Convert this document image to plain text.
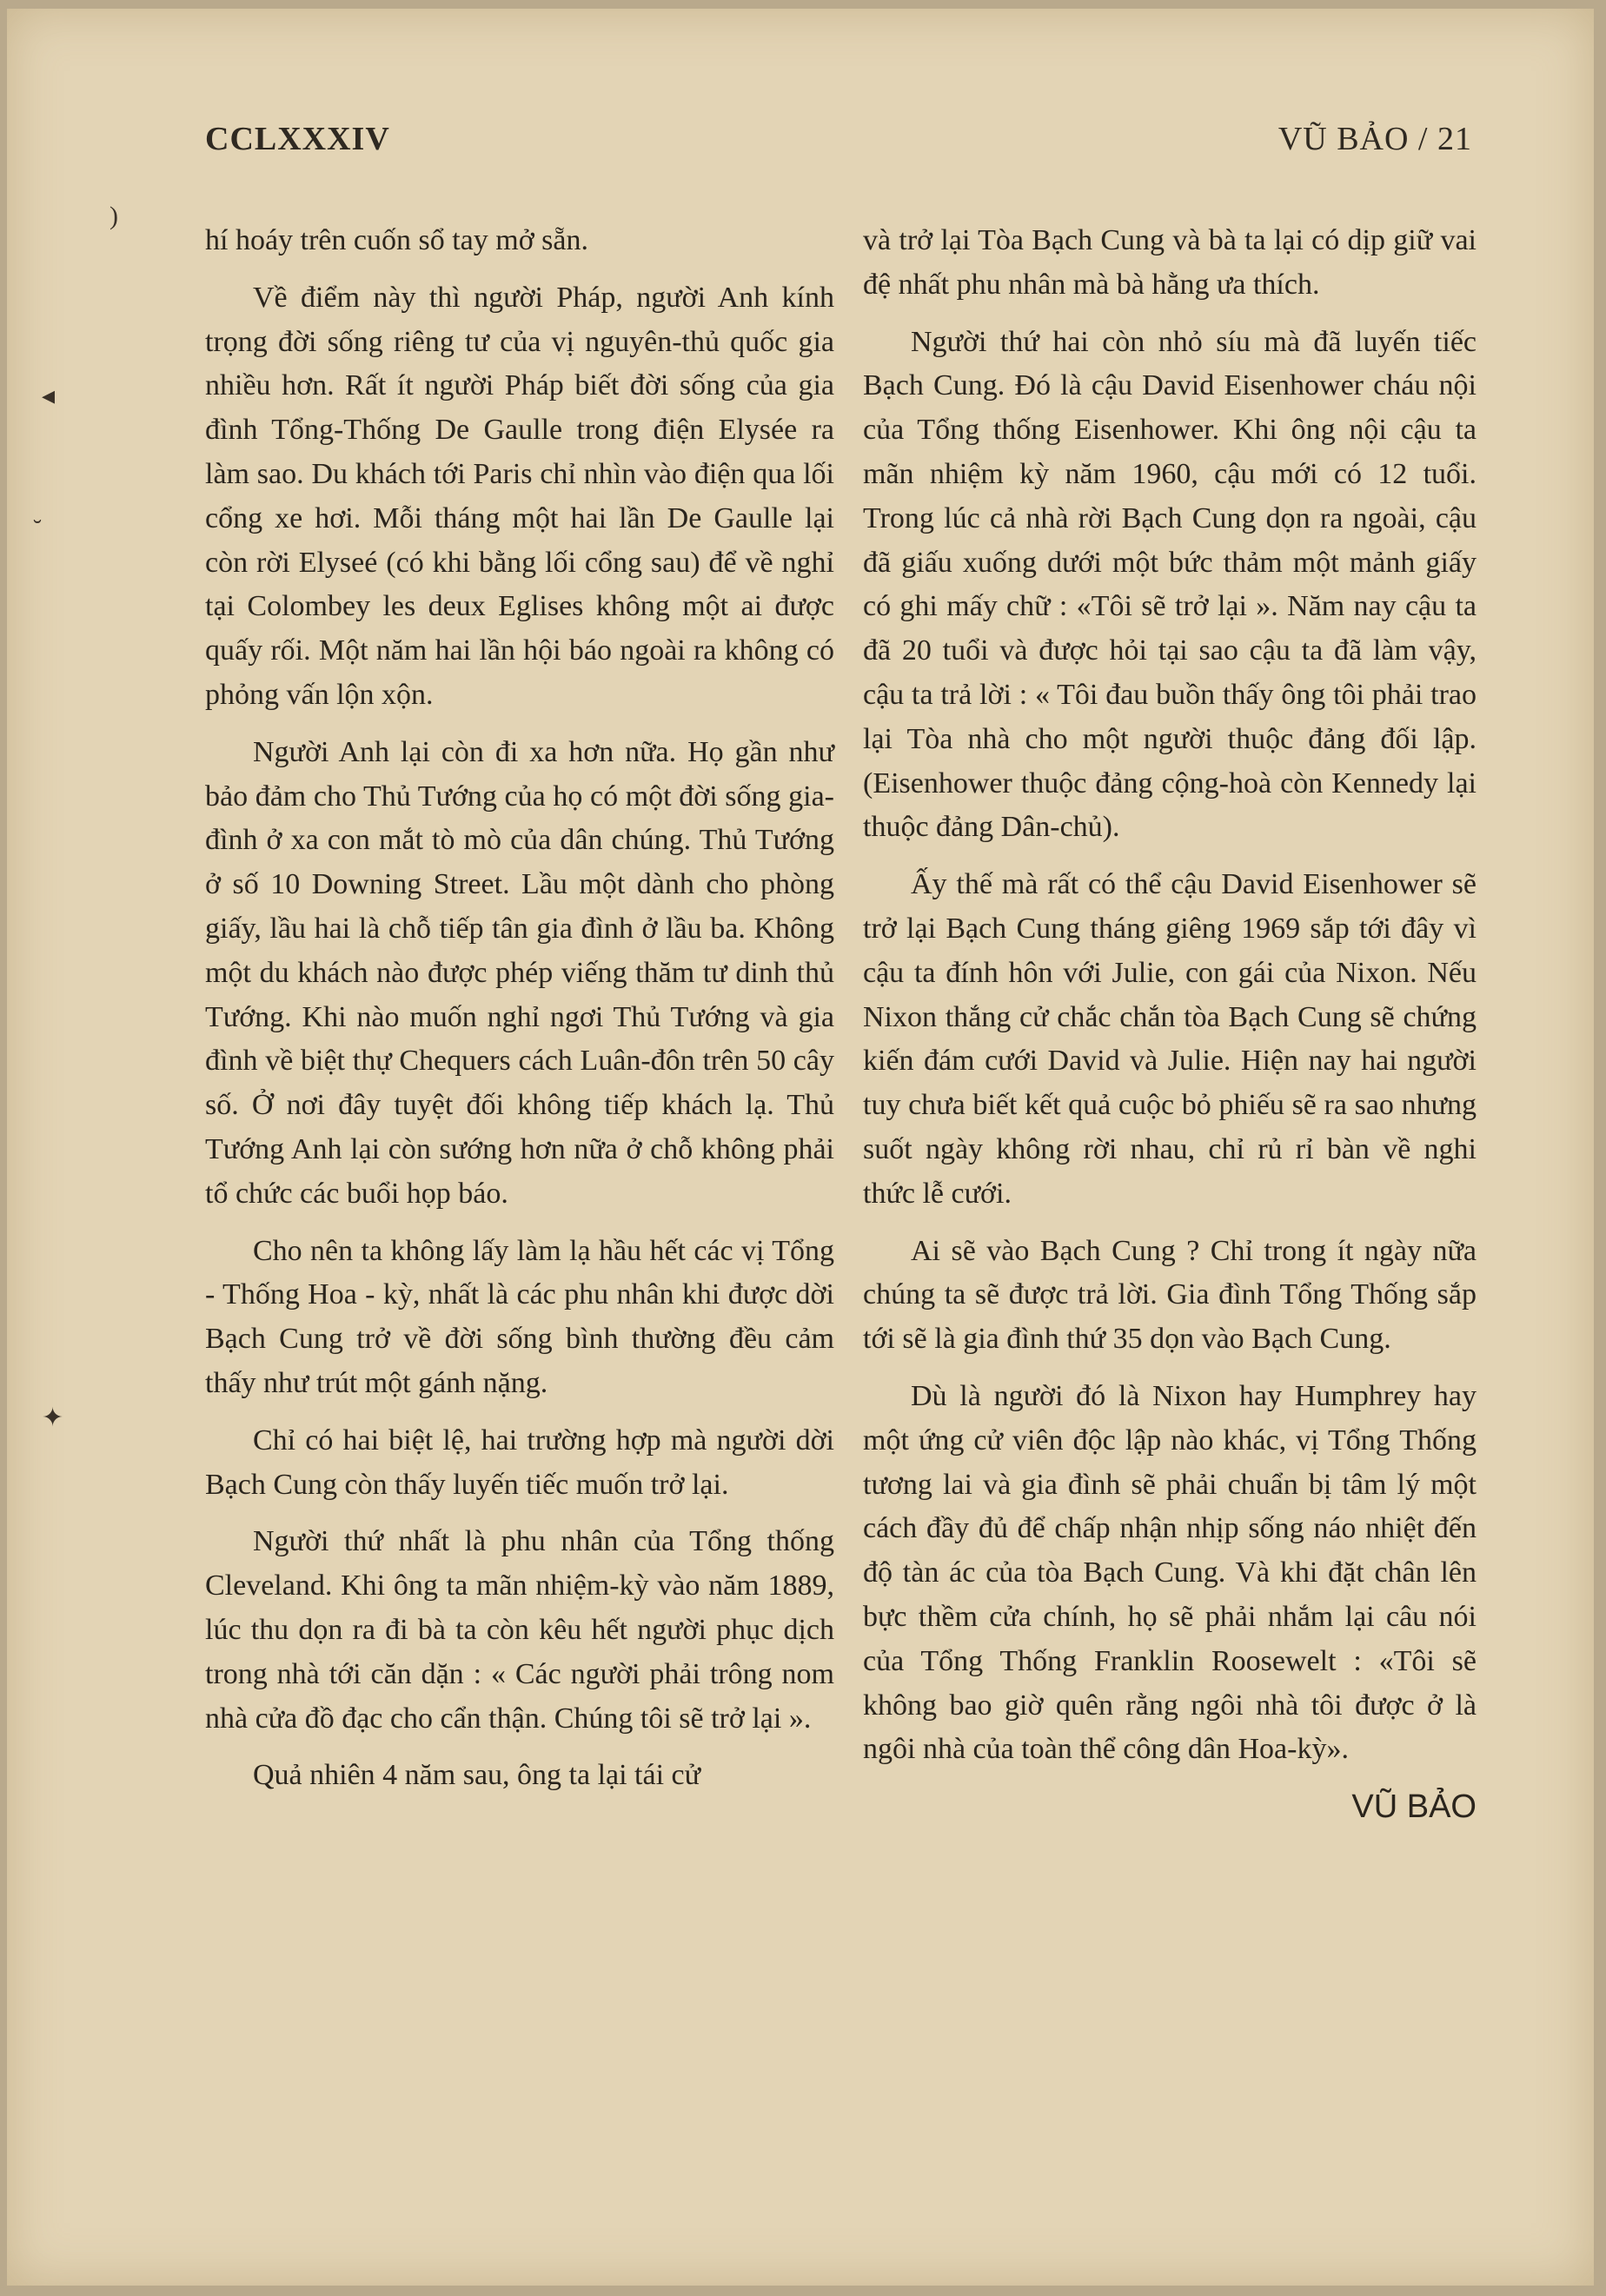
)
◂
˘
✦
CCLXXXIV	VŨ BẢO / 21

hí hoáy trên cuốn sổ tay mở sẵn.

Về điểm này thì người Pháp, người Anh kính trọng đời sống riêng tư của vị nguyên-thủ quốc gia nhiều hơn. Rất ít người Pháp biết đời sống của gia đình Tổng-Thống De Gaulle trong điện Elysée ra làm sao. Du khách tới Paris chỉ nhìn vào điện qua lối cổng xe hơi. Mỗi tháng một hai lần De Gaulle lại còn rời Elyseé (có khi bằng lối cổng sau) để về nghỉ tại Colombey les deux Eglises không một ai được quấy rối. Một năm hai lần hội báo ngoài ra không có phỏng vấn lộn xộn.

Người Anh lại còn đi xa hơn nữa. Họ gần như bảo đảm cho Thủ Tướng của họ có một đời sống gia-đình ở xa con mắt tò mò của dân chúng. Thủ Tướng ở số 10 Downing Street. Lầu một dành cho phòng giấy, lầu hai là chỗ tiếp tân gia đình ở lầu ba. Không một du khách nào được phép viếng thăm tư dinh thủ Tướng. Khi nào muốn nghỉ ngơi Thủ Tướng và gia đình về biệt thự Chequers cách Luân-đôn trên 50 cây số. Ở nơi đây tuyệt đối không tiếp khách lạ. Thủ Tướng Anh lại còn sướng hơn nữa ở chỗ không phải tổ chức các buổi họp báo.

Cho nên ta không lấy làm lạ hầu hết các vị Tổng - Thống Hoa - kỳ, nhất là các phu nhân khi được dời Bạch Cung trở về đời sống bình thường đều cảm thấy như trút một gánh nặng.

Chỉ có hai biệt lệ, hai trường hợp mà người dời Bạch Cung còn thấy luyến tiếc muốn trở lại.

Người thứ nhất là phu nhân của Tổng thống Cleveland. Khi ông ta mãn nhiệm-kỳ vào năm 1889, lúc thu dọn ra đi bà ta còn kêu hết người phục dịch trong nhà tới căn dặn : « Các người phải trông nom nhà cửa đồ đạc cho cẩn thận. Chúng tôi sẽ trở lại ».

Quả nhiên 4 năm sau, ông ta lại tái cử

và trở lại Tòa Bạch Cung và bà ta lại có dịp giữ vai đệ nhất phu nhân mà bà hằng ưa thích.

Người thứ hai còn nhỏ síu mà đã luyến tiếc Bạch Cung. Đó là cậu David Eisenhower cháu nội của Tổng thống Eisenhower. Khi ông nội cậu ta mãn nhiệm kỳ năm 1960, cậu mới có 12 tuổi. Trong lúc cả nhà rời Bạch Cung dọn ra ngoài, cậu đã giấu xuống dưới một bức thảm một mảnh giấy có ghi mấy chữ : «Tôi sẽ trở lại ». Năm nay cậu ta đã 20 tuổi và được hỏi tại sao cậu ta đã làm vậy, cậu ta trả lời : « Tôi đau buồn thấy ông tôi phải trao lại Tòa nhà cho một người thuộc đảng đối lập. (Eisenhower thuộc đảng cộng-hoà còn Kennedy lại thuộc đảng Dân-chủ).

Ấy thế mà rất có thể cậu David Eisenhower sẽ trở lại Bạch Cung tháng giêng 1969 sắp tới đây vì cậu ta đính hôn với Julie, con gái của Nixon. Nếu Nixon thắng cử chắc chắn tòa Bạch Cung sẽ chứng kiến đám cưới David và Julie. Hiện nay hai người tuy chưa biết kết quả cuộc bỏ phiếu sẽ ra sao nhưng suốt ngày không rời nhau, chỉ rủ rỉ bàn về nghi thức lễ cưới.

Ai sẽ vào Bạch Cung ? Chỉ trong ít ngày nữa chúng ta sẽ được trả lời. Gia đình Tổng Thống sắp tới sẽ là gia đình thứ 35 dọn vào Bạch Cung.

Dù là người đó là Nixon hay Humphrey hay một ứng cử viên độc lập nào khác, vị Tổng Thống tương lai và gia đình sẽ phải chuẩn bị tâm lý một cách đầy đủ để chấp nhận nhịp sống náo nhiệt đến độ tàn ác của tòa Bạch Cung. Và khi đặt chân lên bực thềm cửa chính, họ sẽ phải nhắm lại câu nói của Tổng Thống Franklin Roosewelt : «Tôi sẽ không bao giờ quên rằng ngôi nhà tôi được ở là ngôi nhà của toàn thể công dân Hoa-kỳ».

VŨ BẢO
